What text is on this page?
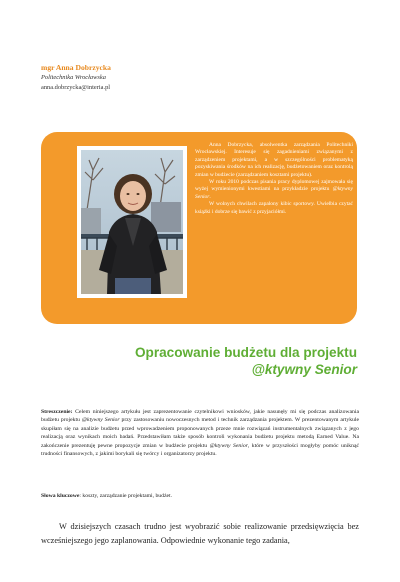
mgr Anna Dobrzycka
Politechnika Wrocławska
anna.dobrzycka@interia.pl

Anna Dobrzycka, absolwentka zarządzania Politechniki Wrocławskiej. Interesuje się zagadnieniami związanymi z zarządzeniem projektami, a w szczególności problematyką pozyskiwania środków na ich realizację, budżetowaniem oraz kontrolą zmian w budżecie (zarządzaniem kosztami projektu).

W roku 2010 podczas pisania pracy dyplomowej zajmowała się wyżej wymienionymi kwestiami na przykładzie projektu @ktywny Senior.

W wolnych chwilach zapalony kibic sportowy. Uwielbia czytać książki i dobrze się bawić z przyjaciółmi.

Opracowanie budżetu dla projektu
@ktywny Senior
Streszczenie: Celem niniejszego artykułu jest zaprezentowanie czytelnikowi wniosków, jakie nasunęły mi się podczas analizowania budżetu projektu @ktywny Senior przy zastosowaniu nowoczesnych metod i technik zarządzania projektem. W prezentowanym artykule skupiłam się na analizie budżetu przed wprowadzeniem proponowanych przeze mnie rozwiązań instrumentalnych związanych z jego realizacją oraz wynikach moich badań. Przedstawiłam także sposób kontroli wykonania budżetu projektu metodą Earned Value. Na zakończenie prezentuję pewne propozycje zmian w budżecie projektu @ktywny Senior, które w przyszłości mogłyby pomóc uniknąć trudności finansowych, z jakimi borykali się twórcy i organizatorzy projektu.
Słowa kluczowe: koszty, zarządzanie projektami, budżet.

W dzisiejszych czasach trudno jest wyobrazić sobie realizowanie przedsięwzięcia bez wcześniejszego jego zaplanowania. Odpowiednie wykonanie tego zadania,
